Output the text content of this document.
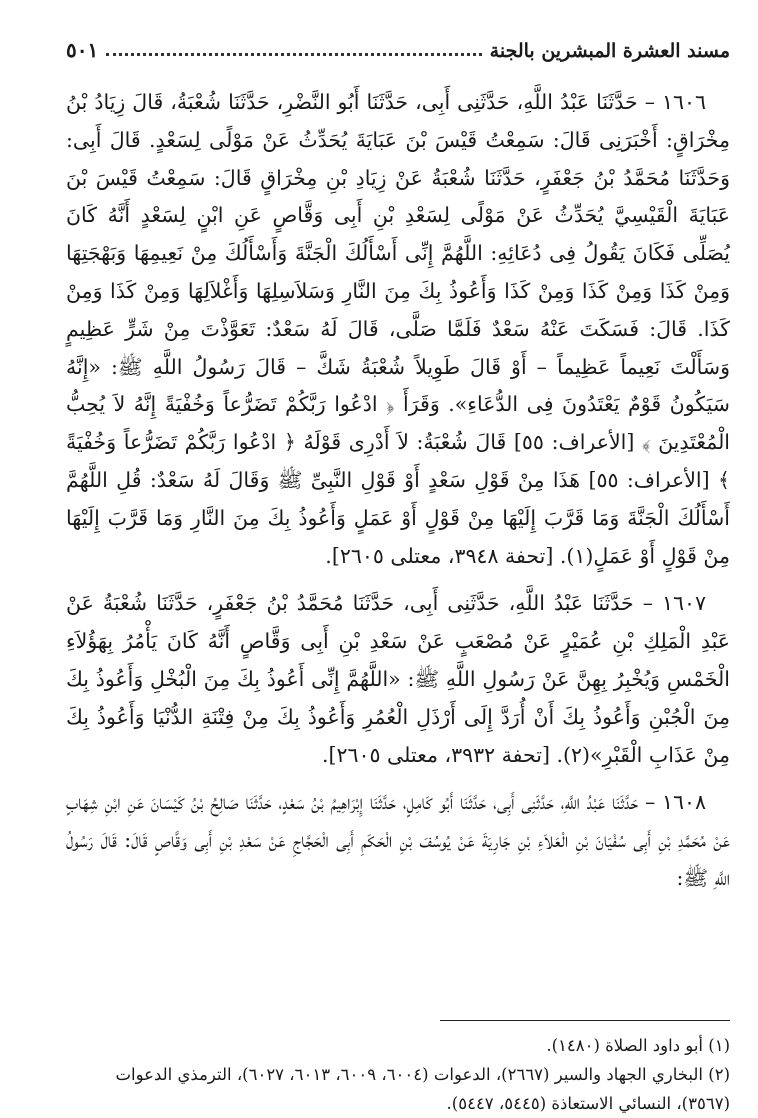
مسند العشرة المبشرين بالجنة
٥٠١

١٦٠٦ – حَدَّثَنَا عَبْدُ اللَّهِ، حَدَّثَنِى أَبِى، حَدَّثَنَا أَبُو النَّضْرِ، حَدَّثَنَا شُعْبَةُ، قَالَ زِيَادُ بْنُ مِخْرَاقٍ: أَخْبَرَنِى قَالَ: سَمِعْتُ قَيْسَ بْنَ عَبَايَةَ يُحَدِّثُ عَنْ مَوْلًى لِسَعْدٍ. قَالَ أَبِى: وَحَدَّثَنَا مُحَمَّدُ بْنُ جَعْفَرٍ، حَدَّثَنَا شُعْبَةُ عَنْ زِيَادِ بْنِ مِخْرَاقٍ قَالَ: سَمِعْتُ قَيْسَ بْنَ عَبَايَةَ الْقَيْسِيَّ يُحَدِّثُ عَنْ مَوْلًى لِسَعْدِ بْنِ أَبِى وَقَّاصٍ عَنِ ابْنٍ لِسَعْدٍ أَنَّهُ كَانَ يُصَلِّى فَكَانَ يَقُولُ فِى دُعَائِهِ: اللَّهُمَّ إِنِّى أَسْأَلُكَ الْجَنَّةَ وَأَسْأَلُكَ مِنْ نَعِيمِهَا وَبَهْجَتِهَا وَمِنْ كَذَا وَمِنْ كَذَا وَمِنْ كَذَا وَأَعُوذُ بِكَ مِنَ النَّارِ وَسَلاَسِلِهَا وَأَغْلاَلِهَا وَمِنْ كَذَا وَمِنْ كَذَا. قَالَ: فَسَكَتَ عَنْهُ سَعْدٌ فَلَمَّا صَلَّى، قَالَ لَهُ سَعْدٌ: تَعَوَّذْتَ مِنْ شَرٍّ عَظِيمٍ وَسَأَلْتَ نَعِيماً عَظِيماً – أَوْ قَالَ طَوِيلاً شُعْبَةُ شَكَّ – قَالَ رَسُولُ اللَّهِ ﷺ: «إِنَّهُ سَيَكُونُ قَوْمٌ يَعْتَدُونَ فِى الدُّعَاءِ». وَقَرَأَ ﴿ ادْعُوا رَبَّكُمْ تَضَرُّعاً وَخُفْيَةً إِنَّهُ لاَ يُحِبُّ الْمُعْتَدِينَ ﴾ [الأعراف: ٥٥] قَالَ شُعْبَةُ: لاَ أَدْرِى قَوْلَهُ ﴿ ادْعُوا رَبَّكُمْ تَضَرُّعاً وَخُفْيَةً ﴾ [الأعراف: ٥٥] هَذَا مِنْ قَوْلِ سَعْدٍ أَوْ قَوْلِ النَّبِىِّ ﷺ وَقَالَ لَهُ سَعْدٌ: قُلِ اللَّهُمَّ أَسْأَلُكَ الْجَنَّةَ وَمَا قَرَّبَ إِلَيْهَا مِنْ قَوْلٍ أَوْ عَمَلٍ وَأَعُوذُ بِكَ مِنَ النَّارِ وَمَا قَرَّبَ إِلَيْهَا مِنْ قَوْلٍ أَوْ عَمَلٍ(١). [تحفة ٣٩٤٨، معتلى ٢٦٠٥].

١٦٠٧ – حَدَّثَنَا عَبْدُ اللَّهِ، حَدَّثَنِى أَبِى، حَدَّثَنَا مُحَمَّدُ بْنُ جَعْفَرٍ، حَدَّثَنَا شُعْبَةُ عَنْ عَبْدِ الْمَلِكِ بْنِ عُمَيْرٍ عَنْ مُصْعَبٍ عَنْ سَعْدِ بْنِ أَبِى وَقَّاصٍ أَنَّهُ كَانَ يَأْمُرُ بِهَؤُلاَءِ الْخَمْسِ وَيُخْبِرُ بِهِنَّ عَنْ رَسُولِ اللَّهِ ﷺ: «اللَّهُمَّ إِنِّى أَعُوذُ بِكَ مِنَ الْبُخْلِ وَأَعُوذُ بِكَ مِنَ الْجُبْنِ وَأَعُوذُ بِكَ أَنْ أُرَدَّ إِلَى أَرْذَلِ الْعُمُرِ وَأَعُوذُ بِكَ مِنْ فِتْنَةِ الدُّنْيَا وَأَعُوذُ بِكَ مِنْ عَذَابِ الْقَبْرِ»(٢). [تحفة ٣٩٣٢، معتلى ٢٦٠٥].

١٦٠٨ – حَدَّثَنَا عَبْدُ اللَّهِ، حَدَّثَنِى أَبِى، حَدَّثَنَا أَبُو كَامِلٍ، حَدَّثَنَا إِبْرَاهِيمُ بْنُ سَعْدٍ، حَدَّثَنَا صَالِحُ بْنُ كَيْسَانَ عَنِ ابْنِ شِهَابٍ عَنْ مُحَمَّدِ بْنِ أَبِى سُفْيَانَ بْنِ الْعَلاَءِ بْنِ جَارِيَةَ عَنْ يُوسُفَ بْنِ الْحَكَمِ أَبِى الْحَجَّاجِ عَنْ سَعْدِ بْنِ أَبِى وَقَّاصٍ قَالَ: قَالَ رَسُولُ اللَّهِ ﷺ:

(١) أبو داود الصلاة (١٤٨٠).

(٢) البخاري الجهاد والسير (٢٦٦٧)، الدعوات (٦٠٠٤، ٦٠٠٩، ٦٠١٣، ٦٠٢٧)، الترمذي الدعوات (٣٥٦٧)، النسائي الاستعاذة (٥٤٤٥، ٥٤٤٧).
